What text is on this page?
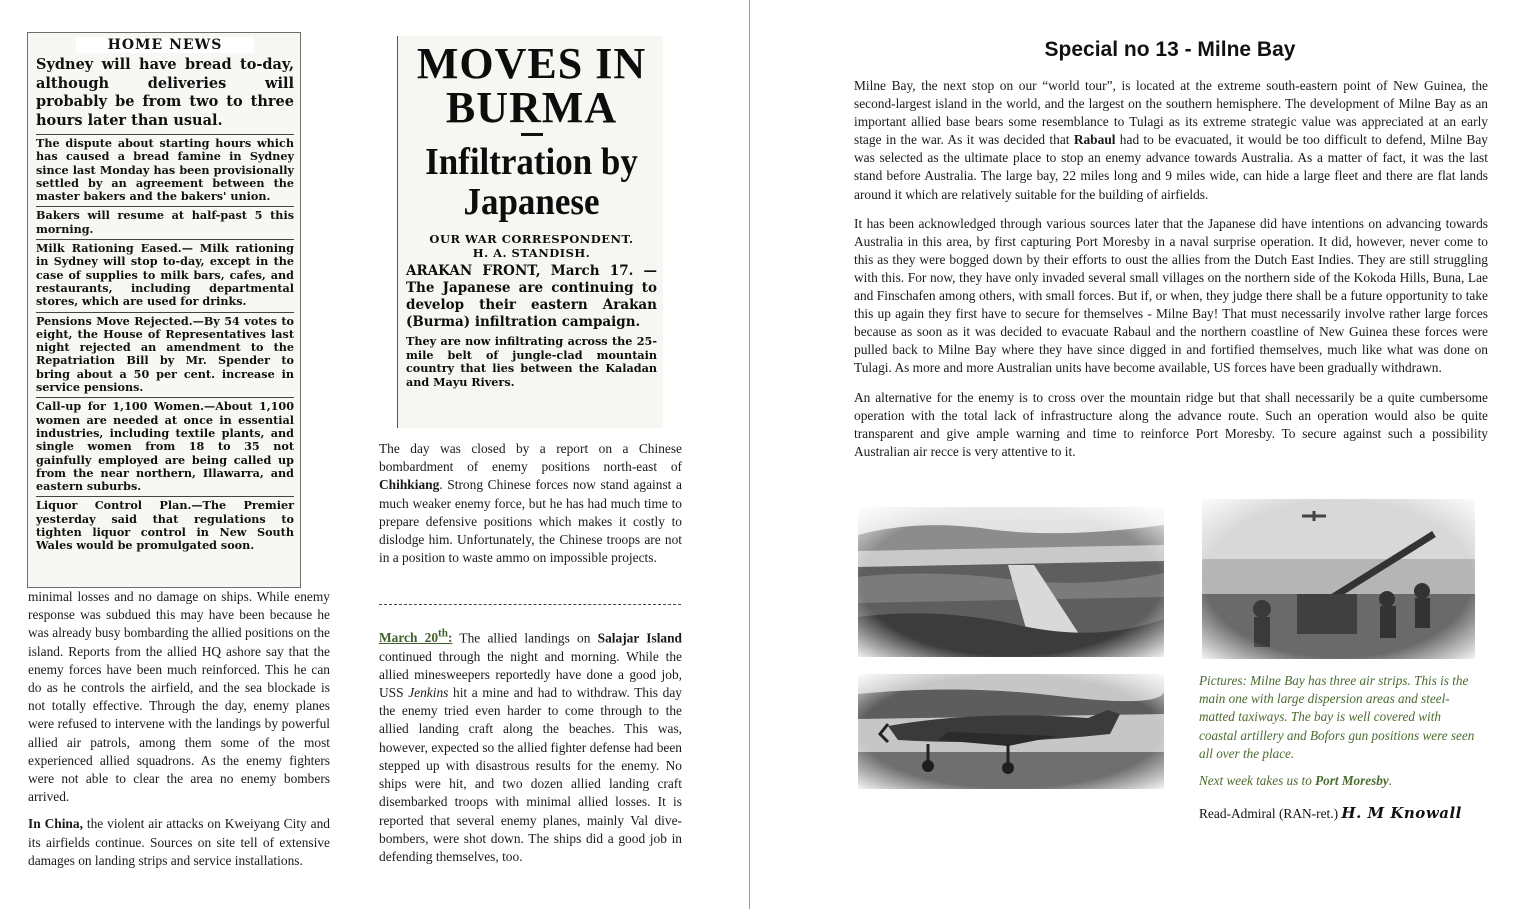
HOME NEWS
Sydney will have bread to-day, although deliveries will probably be from two to three hours later than usual.

The dispute about starting hours which has caused a bread famine in Sydney since last Monday has been provisionally settled by an agreement between the master bakers and the bakers' union.

Bakers will resume at half-past 5 this morning.

Milk Rationing Eased.— Milk rationing in Sydney will stop to-day, except in the case of supplies to milk bars, cafes, and restaurants, including departmental stores, which are used for drinks.

Pensions Move Rejected.—By 54 votes to eight, the House of Representatives last night rejected an amendment to the Repatriation Bill by Mr. Spender to bring about a 50 per cent. increase in service pensions.

Call-up for 1,100 Women.—About 1,100 women are needed at once in essential industries, including textile plants, and single women from 18 to 35 not gainfully employed are being called up from the near northern, Illawarra, and eastern suburbs.

Liquor Control Plan.—The Premier yesterday said that regulations to tighten liquor control in New South Wales would be promulgated soon.

MOVES IN BURMA
Infiltration by Japanese
OUR WAR CORRESPONDENT.
H. A. STANDISH.
ARAKAN FRONT, March 17. —The Japanese are continuing to develop their eastern Arakan (Burma) infiltration campaign.
They are now infiltrating across the 25-mile belt of jungle-clad mountain country that lies between the Kaladan and Mayu Rivers.

minimal losses and no damage on ships. While enemy response was subdued this may have been because he was already busy bombarding the allied positions on the island. Reports from the allied HQ ashore say that the enemy forces have been much reinforced. This he can do as he controls the airfield, and the sea blockade is not totally effective. Through the day, enemy planes were refused to intervene with the landings by powerful allied air patrols, among them some of the most experienced allied squadrons. As the enemy fighters were not able to clear the area no enemy bombers arrived.

In China, the violent air attacks on Kweiyang City and its airfields continue. Sources on site tell of extensive damages on landing strips and service installations.

The day was closed by a report on a Chinese bombardment of enemy positions north-east of Chihkiang. Strong Chinese forces now stand against a much weaker enemy force, but he has had much time to prepare defensive positions which makes it costly to dislodge him. Unfortunately, the Chinese troops are not in a position to waste ammo on impossible projects.

March 20th: The allied landings on Salajar Island continued through the night and morning. While the allied minesweepers reportedly have done a good job, USS Jenkins hit a mine and had to withdraw. This day the enemy tried even harder to come through to the allied landing craft along the beaches. This was, however, expected so the allied fighter defense had been stepped up with disastrous results for the enemy. No ships were hit, and two dozen allied landing craft disembarked troops with minimal allied losses. It is reported that several enemy planes, mainly Val dive-bombers, were shot down. The ships did a good job in defending themselves, too.

Special no 13 - Milne Bay

Milne Bay, the next stop on our “world tour”, is located at the extreme south-eastern point of New Guinea, the second-largest island in the world, and the largest on the southern hemisphere. The development of Milne Bay as an important allied base bears some resemblance to Tulagi as its extreme strategic value was appreciated at an early stage in the war. As it was decided that Rabaul had to be evacuated, it would be too difficult to defend, Milne Bay was selected as the ultimate place to stop an enemy advance towards Australia. As a matter of fact, it was the last stand before Australia. The large bay, 22 miles long and 9 miles wide, can hide a large fleet and there are flat lands around it which are relatively suitable for the building of airfields.

It has been acknowledged through various sources later that the Japanese did have intentions on advancing towards Australia in this area, by first capturing Port Moresby in a naval surprise operation. It did, however, never come to this as they were bogged down by their efforts to oust the allies from the Dutch East Indies. They are still struggling with this. For now, they have only invaded several small villages on the northern side of the Kokoda Hills, Buna, Lae and Finschafen among others, with small forces. But if, or when, they judge there shall be a future opportunity to take this up again they first have to secure for themselves - Milne Bay! That must necessarily involve rather large forces because as soon as it was decided to evacuate Rabaul and the northern coastline of New Guinea these forces were pulled back to Milne Bay where they have since digged in and fortified themselves, much like what was done on Tulagi. As more and more Australian units have become available, US forces have been gradually withdrawn.

An alternative for the enemy is to cross over the mountain ridge but that shall necessarily be a quite cumbersome operation with the total lack of infrastructure along the advance route. Such an operation would also be quite transparent and give ample warning and time to reinforce Port Moresby. To secure against such a possibility Australian air recce is very attentive to it.

Pictures: Milne Bay has three air strips. This is the main one with large dispersion areas and steel-matted taxiways. The bay is well covered with coastal artillery and Bofors gun positions were seen all over the place.

Next week takes us to Port Moresby.

Read-Admiral (RAN-ret.) H. M Knowall
